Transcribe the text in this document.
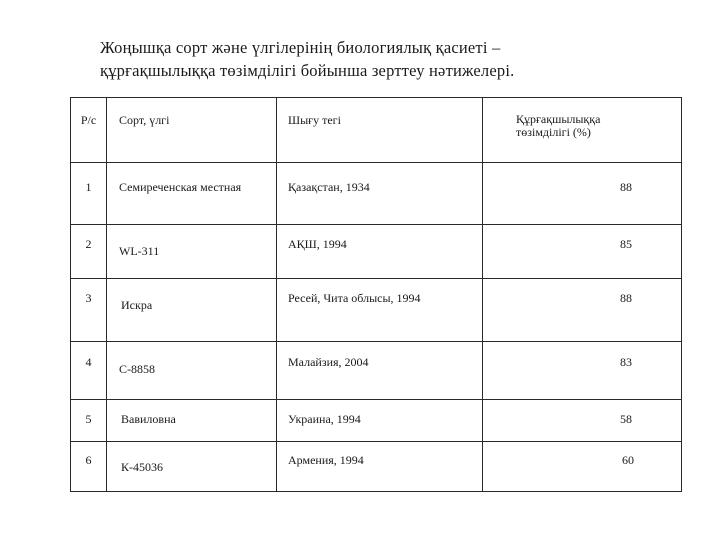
Жоңышқа сорт және үлгілерінің биологиялық қасиеті –
құрғақшылыққа төзімділігі бойынша зерттеу нәтижелері.
Р/с	Сорт, үлгі	Шығу тегі	Құрғақшылыққа
төзімділігі (%)

1	Семиреченская местная	Қазақстан, 1934	88

2	WL-311	АҚШ, 1994	85

3	Искра	Ресей, Чита облысы, 1994	88

4	С-8858	Малайзия, 2004	83

5	Вавиловна	Украина, 1994	58

6	К-45036	Армения, 1994	60
